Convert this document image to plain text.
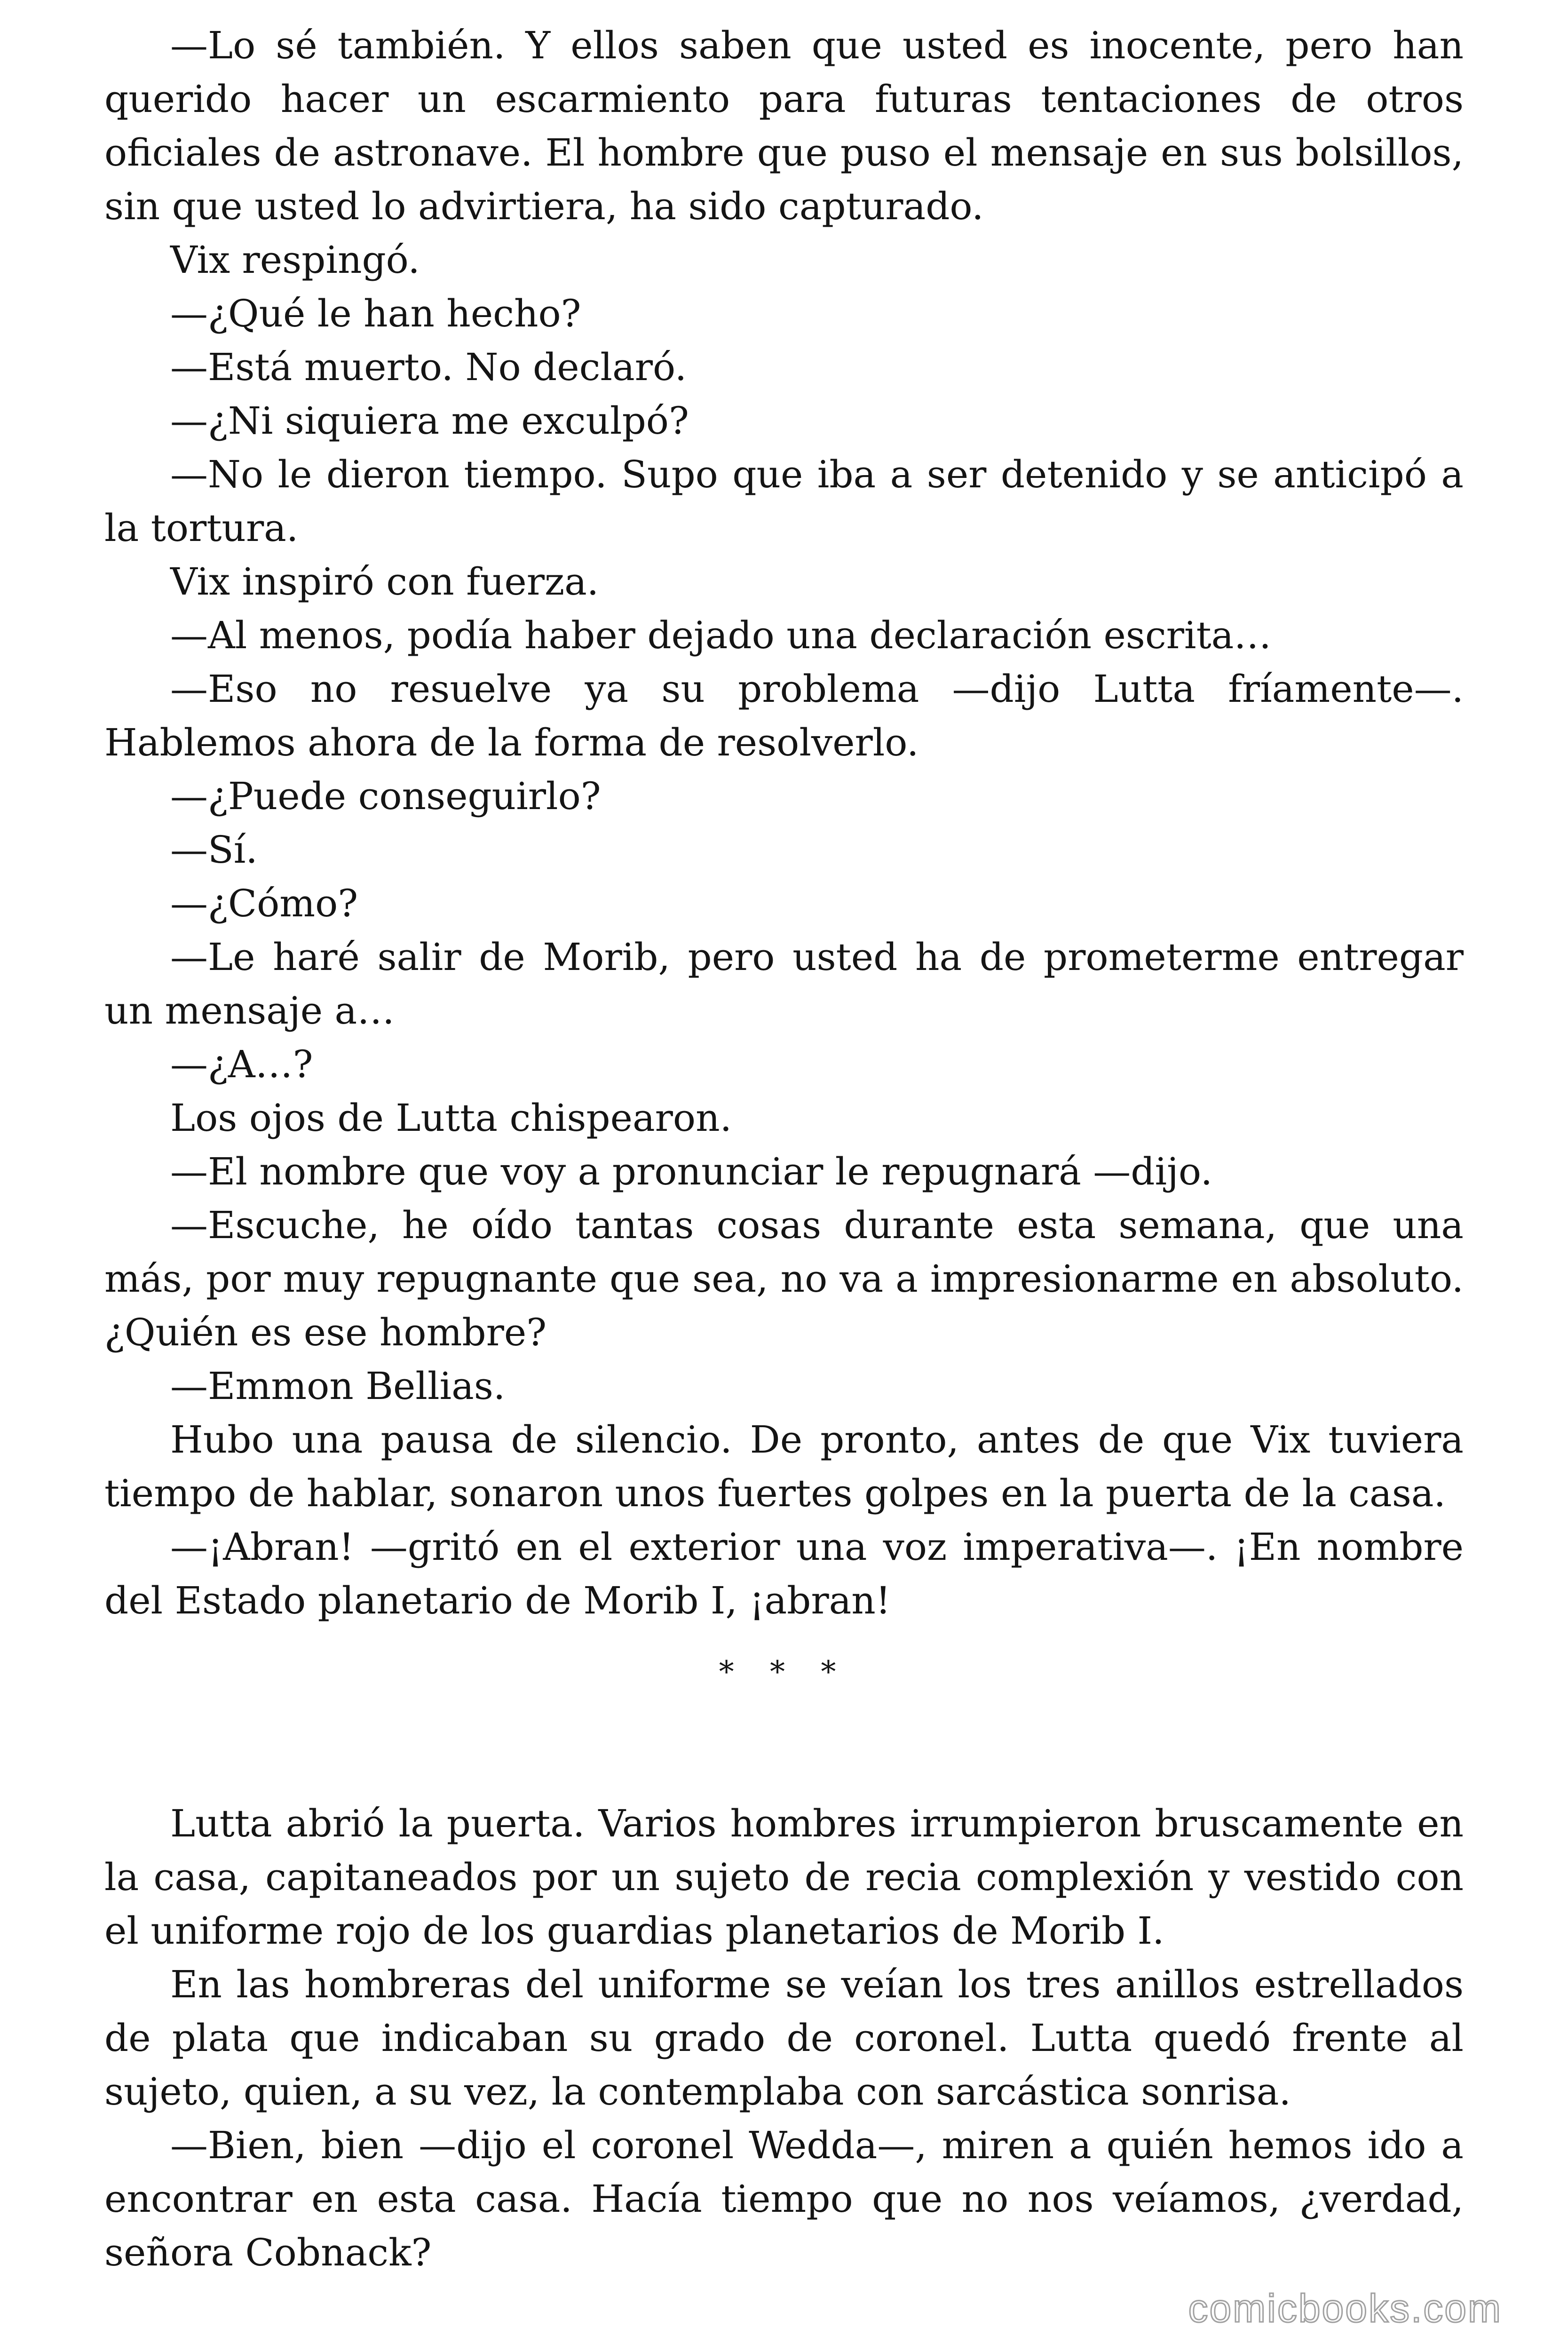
—Lo sé también. Y ellos saben que usted es inocente, pero han querido hacer un escarmiento para futuras tentaciones de otros oficiales de astronave. El hombre que puso el mensaje en sus bolsillos, sin que usted lo advirtiera, ha sido capturado.

Vix respingó.

—¿Qué le han hecho?

—Está muerto. No declaró.

—¿Ni siquiera me exculpó?

—No le dieron tiempo. Supo que iba a ser detenido y se anticipó a la tortura.

Vix inspiró con fuerza.

—Al menos, podía haber dejado una declaración escrita…

—Eso no resuelve ya su problema —dijo Lutta fríamente—. Hablemos ahora de la forma de resolverlo.

—¿Puede conseguirlo?

—Sí.

—¿Cómo?

—Le haré salir de Morib, pero usted ha de prometerme entregar un mensaje a…

—¿A…?

Los ojos de Lutta chispearon.

—El nombre que voy a pronunciar le repugnará —dijo.

—Escuche, he oído tantas cosas durante esta semana, que una más, por muy repugnante que sea, no va a impresionarme en absoluto. ¿Quién es ese hombre?

—Emmon Bellias.

Hubo una pausa de silencio. De pronto, antes de que Vix tuviera tiempo de hablar, sonaron unos fuertes golpes en la puerta de la casa.

—¡Abran! —gritó en el exterior una voz imperativa—. ¡En nombre del Estado planetario de Morib I, ¡abran!

* * *

Lutta abrió la puerta. Varios hombres irrumpieron bruscamente en la casa, capitaneados por un sujeto de recia complexión y vestido con el uniforme rojo de los guardias planetarios de Morib I.

En las hombreras del uniforme se veían los tres anillos estrellados de plata que indicaban su grado de coronel. Lutta quedó frente al sujeto, quien, a su vez, la contemplaba con sarcástica sonrisa.

—Bien, bien —dijo el coronel Wedda—, miren a quién hemos ido a encontrar en esta casa. Hacía tiempo que no nos veíamos, ¿verdad, señora Cobnack?

comicbooks.com
